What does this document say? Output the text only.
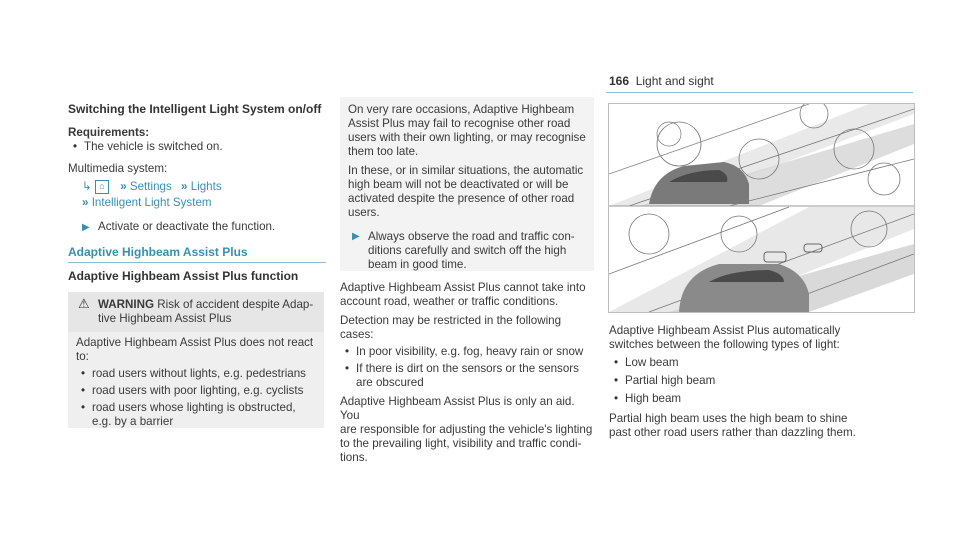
166 Light and sight
Switching the Intelligent Light System on/off
Requirements:
• The vehicle is switched on.
Multimedia system:
↳ ⌂ » Settings » Lights
» Intelligent Light System
▶ Activate or deactivate the function.
Adaptive Highbeam Assist Plus
Adaptive Highbeam Assist Plus function
⚠ WARNING Risk of accident despite Adap-
tive Highbeam Assist Plus
Adaptive Highbeam Assist Plus does not react
to:
• road users without lights, e.g. pedestrians
• road users with poor lighting, e.g. cyclists
• road users whose lighting is obstructed,
e.g. by a barrier
On very rare occasions, Adaptive Highbeam
Assist Plus may fail to recognise other road
users with their own lighting, or may recognise
them too late.
In these, or in similar situations, the automatic
high beam will not be deactivated or will be
activated despite the presence of other road
users.
▶ Always observe the road and traffic con-
ditions carefully and switch off the high
beam in good time.
Adaptive Highbeam Assist Plus cannot take into
account road, weather or traffic conditions.
Detection may be restricted in the following
cases:
• In poor visibility, e.g. fog, heavy rain or snow
• If there is dirt on the sensors or the sensors
are obscured
Adaptive Highbeam Assist Plus is only an aid. You
are responsible for adjusting the vehicle's lighting
to the prevailing light, visibility and traffic condi-
tions.
Adaptive Highbeam Assist Plus automatically
switches between the following types of light:
• Low beam
• Partial high beam
• High beam
Partial high beam uses the high beam to shine
past other road users rather than dazzling them.
